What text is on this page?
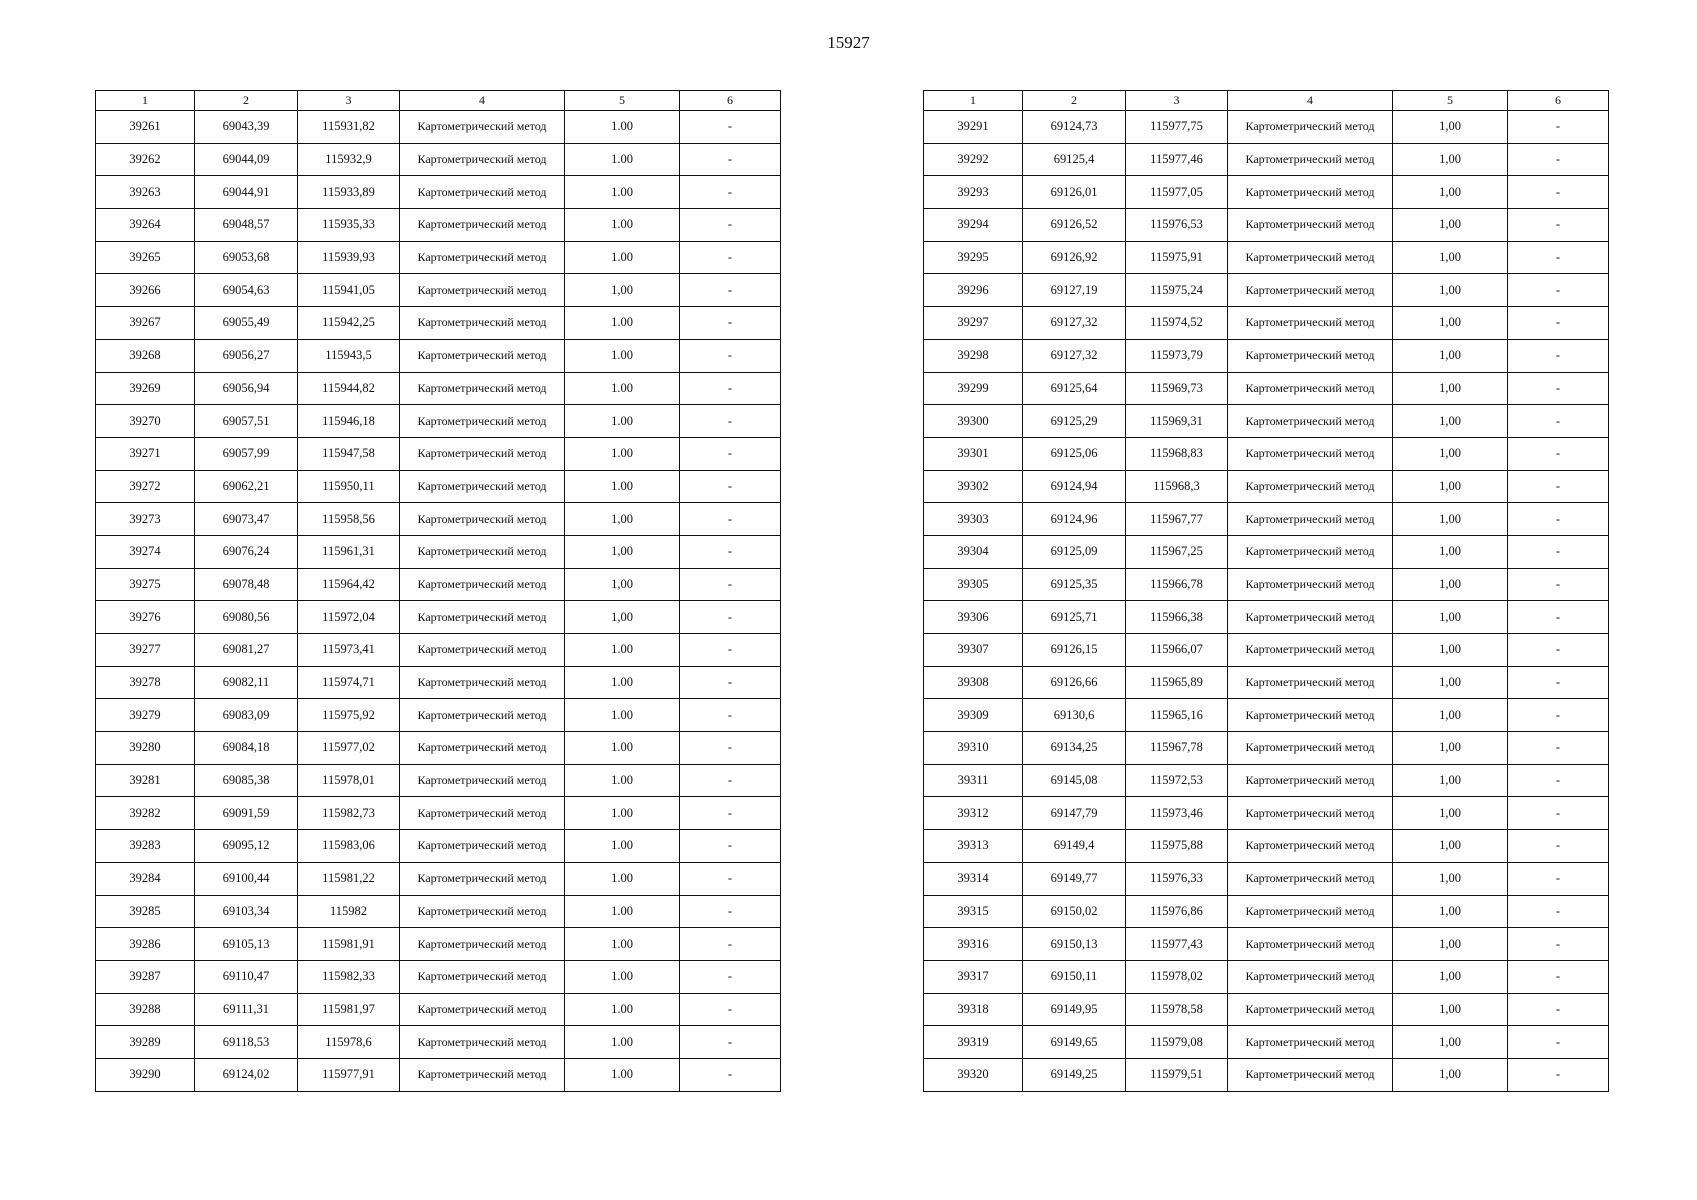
15927
1	2	3	4	5	6
39261	69043,39	115931,82	Картометрический метод	1.00	-
39262	69044,09	115932,9	Картометрический метод	1.00	-
39263	69044,91	115933,89	Картометрический метод	1.00	-
39264	69048,57	115935,33	Картометрический метод	1.00	-
39265	69053,68	115939,93	Картометрический метод	1.00	-
39266	69054,63	115941,05	Картометрический метод	1,00	-
39267	69055,49	115942,25	Картометрический метод	1.00	-
39268	69056,27	115943,5	Картометрический метод	1.00	-
39269	69056,94	115944,82	Картометрический метод	1.00	-
39270	69057,51	115946,18	Картометрический метод	1.00	-
39271	69057,99	115947,58	Картометрический метод	1.00	-
39272	69062,21	115950,11	Картометрический метод	1.00	-
39273	69073,47	115958,56	Картометрический метод	1,00	-
39274	69076,24	115961,31	Картометрический метод	1,00	-
39275	69078,48	115964,42	Картометрический метод	1,00	-
39276	69080,56	115972,04	Картометрический метод	1,00	-
39277	69081,27	115973,41	Картометрический метод	1.00	-
39278	69082,11	115974,71	Картометрический метод	1.00	-
39279	69083,09	115975,92	Картометрический метод	1.00	-
39280	69084,18	115977,02	Картометрический метод	1.00	-
39281	69085,38	115978,01	Картометрический метод	1.00	-
39282	69091,59	115982,73	Картометрический метод	1.00	-
39283	69095,12	115983,06	Картометрический метод	1.00	-
39284	69100,44	115981,22	Картометрический метод	1.00	-
39285	69103,34	115982	Картометрический метод	1.00	-
39286	69105,13	115981,91	Картометрический метод	1.00	-
39287	69110,47	115982,33	Картометрический метод	1.00	-
39288	69111,31	115981,97	Картометрический метод	1.00	-
39289	69118,53	115978,6	Картометрический метод	1.00	-
39290	69124,02	115977,91	Картометрический метод	1.00	-
1	2	3	4	5	6
39291	69124,73	115977,75	Картометрический метод	1,00	-
39292	69125,4	115977,46	Картометрический метод	1,00	-
39293	69126,01	115977,05	Картометрический метод	1,00	-
39294	69126,52	115976,53	Картометрический метод	1,00	-
39295	69126,92	115975,91	Картометрический метод	1,00	-
39296	69127,19	115975,24	Картометрический метод	1,00	-
39297	69127,32	115974,52	Картометрический метод	1,00	-
39298	69127,32	115973,79	Картометрический метод	1,00	-
39299	69125,64	115969,73	Картометрический метод	1,00	-
39300	69125,29	115969,31	Картометрический метод	1,00	-
39301	69125,06	115968,83	Картометрический метод	1,00	-
39302	69124,94	115968,3	Картометрический метод	1,00	-
39303	69124,96	115967,77	Картометрический метод	1,00	-
39304	69125,09	115967,25	Картометрический метод	1,00	-
39305	69125,35	115966,78	Картометрический метод	1,00	-
39306	69125,71	115966,38	Картометрический метод	1,00	-
39307	69126,15	115966,07	Картометрический метод	1,00	-
39308	69126,66	115965,89	Картометрический метод	1,00	-
39309	69130,6	115965,16	Картометрический метод	1,00	-
39310	69134,25	115967,78	Картометрический метод	1,00	-
39311	69145,08	115972,53	Картометрический метод	1,00	-
39312	69147,79	115973,46	Картометрический метод	1,00	-
39313	69149,4	115975,88	Картометрический метод	1,00	-
39314	69149,77	115976,33	Картометрический метод	1,00	-
39315	69150,02	115976,86	Картометрический метод	1,00	-
39316	69150,13	115977,43	Картометрический метод	1,00	-
39317	69150,11	115978,02	Картометрический метод	1,00	-
39318	69149,95	115978,58	Картометрический метод	1,00	-
39319	69149,65	115979,08	Картометрический метод	1,00	-
39320	69149,25	115979,51	Картометрический метод	1,00	-
